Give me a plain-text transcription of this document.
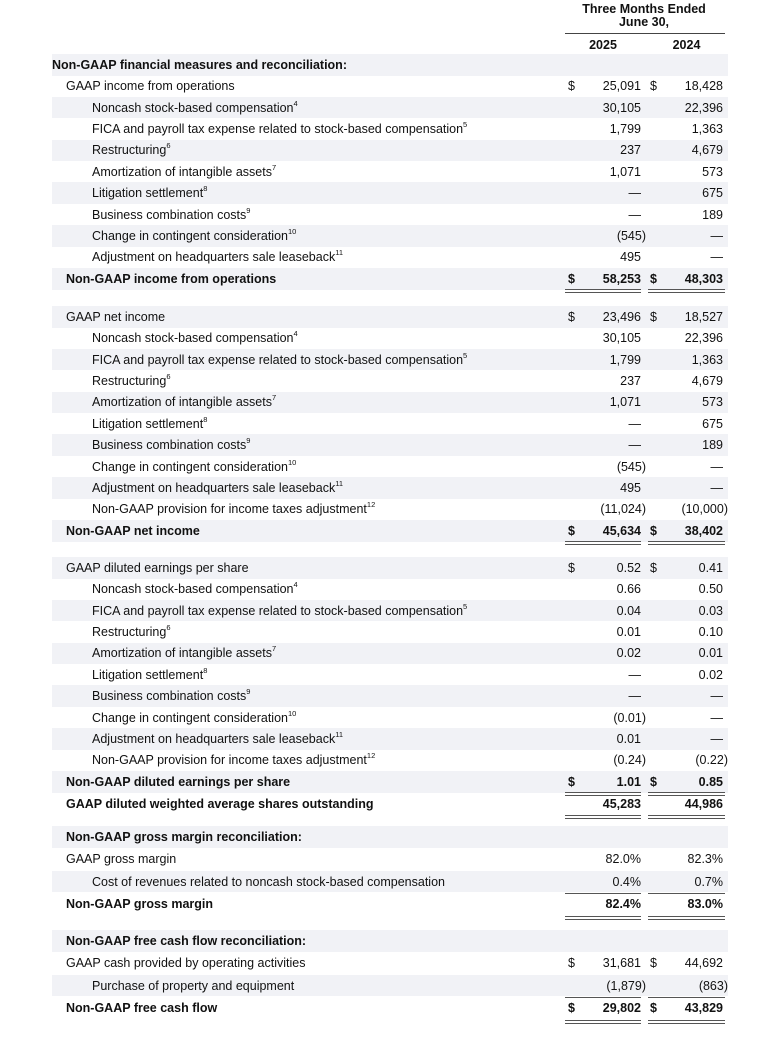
Three Months Ended
June 30,
2025	2024
Non-GAAP financial measures and reconciliation:
GAAP income from operations	$ 25,091 $ 18,428
Noncash stock-based compensation$^4$	30,105	22,396
FICA and payroll tax expense related to stock-based compensation$^5$	1,799	1,363
Restructuring$^6$	237	4,679
Amortization of intangible assets$^7$	1,071	573
Litigation settlement$^8$	—	675
Business combination costs$^9$	—	189
Change in contingent consideration$^{10}$	(545)	—
Adjustment on headquarters sale leaseback$^{11}$	495	—
Non-GAAP income from operations	$ 58,253 $ 48,303
GAAP net income	$ 23,496 $ 18,527
Noncash stock-based compensation$^4$	30,105	22,396
FICA and payroll tax expense related to stock-based compensation$^5$	1,799	1,363
Restructuring$^6$	237	4,679
Amortization of intangible assets$^7$	1,071	573
Litigation settlement$^8$	—	675
Business combination costs$^9$	—	189
Change in contingent consideration$^{10}$	(545)	—
Adjustment on headquarters sale leaseback$^{11}$	495	—
Non-GAAP provision for income taxes adjustment$^{12}$	(11,024)	(10,000)
Non-GAAP net income	$ 45,634 $ 38,402
GAAP diluted earnings per share	$	0.52 $	0.41
Noncash stock-based compensation$^4$	0.66	0.50
FICA and payroll tax expense related to stock-based compensation$^5$	0.04	0.03
Restructuring$^6$	0.01	0.10
Amortization of intangible assets$^7$	0.02	0.01
Litigation settlement$^8$	—	0.02
Business combination costs$^9$	—	—
Change in contingent consideration$^{10}$	(0.01)	—
Adjustment on headquarters sale leaseback$^{11}$	0.01	—
Non-GAAP provision for income taxes adjustment$^{12}$	(0.24)	(0.22)
Non-GAAP diluted earnings per share	$	1.01 $	0.85
GAAP diluted weighted average shares outstanding	45,283	44,986
Non-GAAP gross margin reconciliation:
GAAP gross margin	82.0%	82.3%
Cost of revenues related to noncash stock-based compensation	0.4%	0.7%
Non-GAAP gross margin	82.4%	83.0%
Non-GAAP free cash flow reconciliation:
GAAP cash provided by operating activities	$ 31,681 $ 44,692
Purchase of property and equipment	(1,879)	(863)
Non-GAAP free cash flow	$ 29,802 $ 43,829
